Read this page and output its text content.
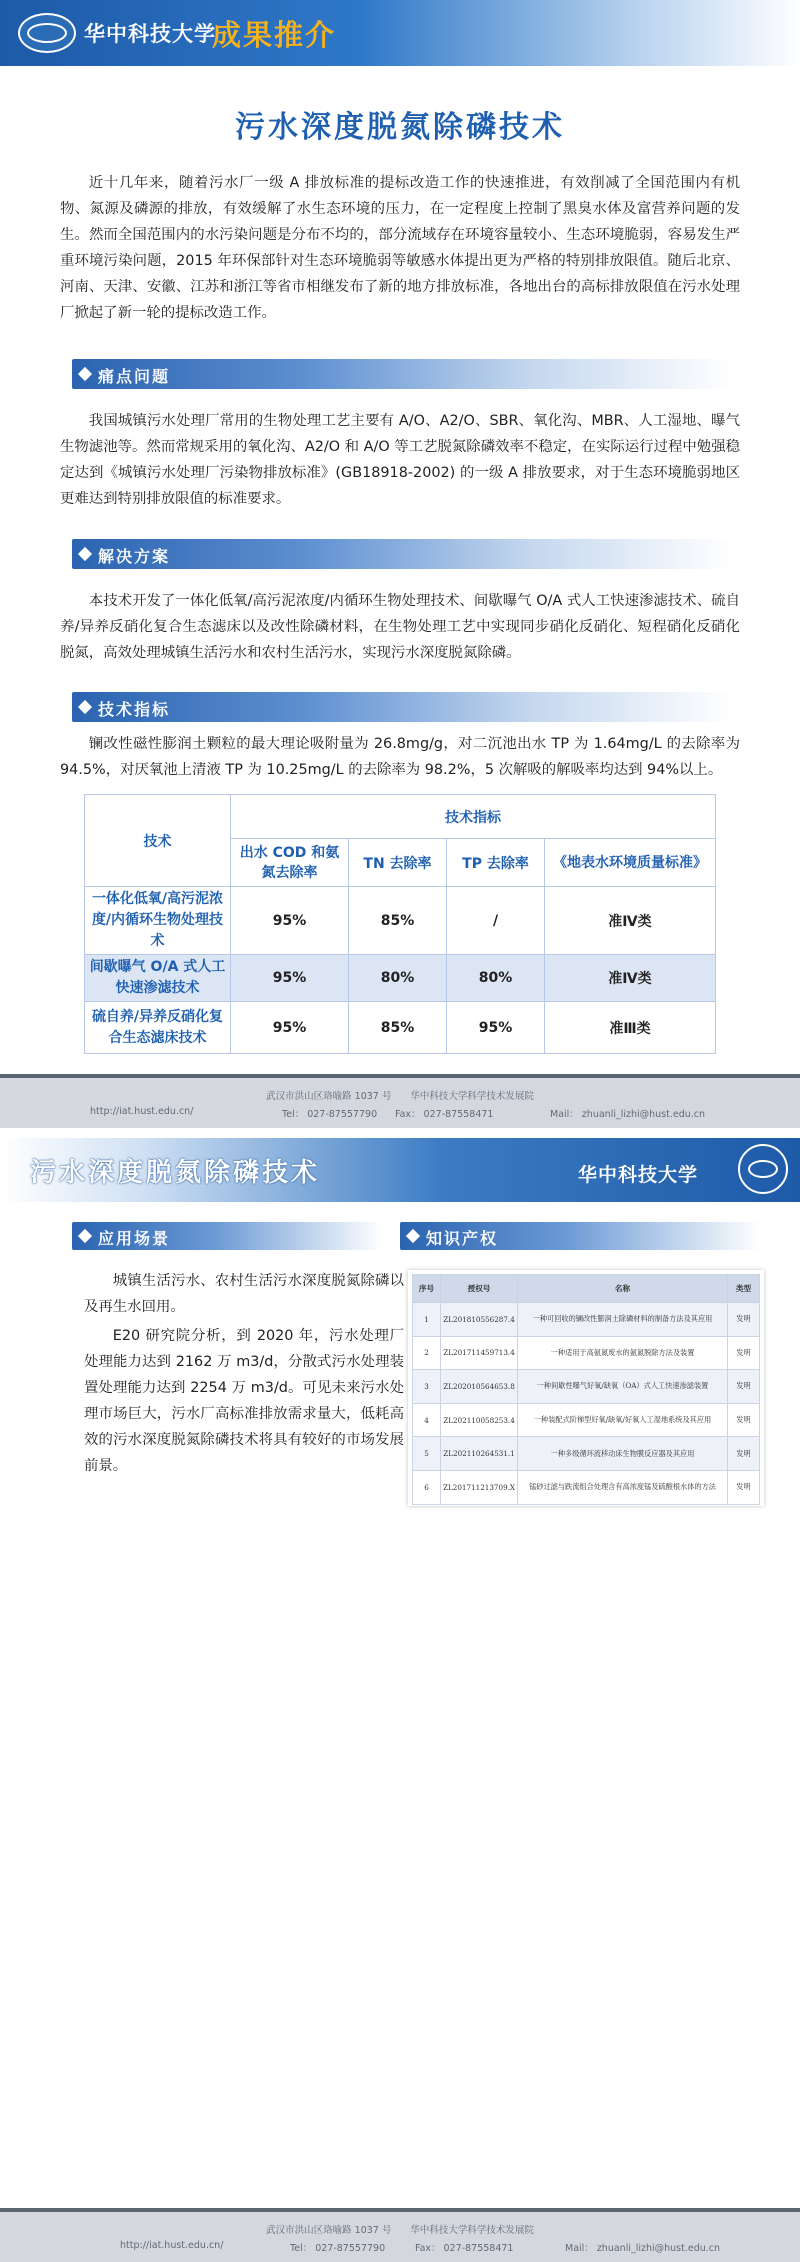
华中科技大学
成果推介
污水深度脱氮除磷技术

近十几年来，随着污水厂一级 A 排放标准的提标改造工作的快速推进，有效削减了全国范围内有机物、氮源及磷源的排放，有效缓解了水生态环境的压力，在一定程度上控制了黑臭水体及富营养问题的发生。然而全国范围内的水污染问题是分布不均的，部分流域存在环境容量较小、生态环境脆弱，容易发生严重环境污染问题，2015 年环保部针对生态环境脆弱等敏感水体提出更为严格的特别排放限值。随后北京、河南、天津、安徽、江苏和浙江等省市相继发布了新的地方排放标准，各地出台的高标排放限值在污水处理厂掀起了新一轮的提标改造工作。

痛点问题

我国城镇污水处理厂常用的生物处理工艺主要有 A/O、A2/O、SBR、氧化沟、MBR、人工湿地、曝气生物滤池等。然而常规采用的氧化沟、A2/O 和 A/O 等工艺脱氮除磷效率不稳定，在实际运行过程中勉强稳定达到《城镇污水处理厂污染物排放标准》(GB18918-2002) 的一级 A 排放要求，对于生态环境脆弱地区更难达到特别排放限值的标准要求。

解决方案

本技术开发了一体化低氧/高污泥浓度/内循环生物处理技术、间歇曝气 O/A 式人工快速渗滤技术、硫自养/异养反硝化复合生态滤床以及改性除磷材料，在生物处理工艺中实现同步硝化反硝化、短程硝化反硝化脱氮，高效处理城镇生活污水和农村生活污水，实现污水深度脱氮除磷。

技术指标

镧改性磁性膨润土颗粒的最大理论吸附量为 26.8mg/g，对二沉池出水 TP 为 1.64mg/L 的去除率为 94.5%，对厌氧池上清液 TP 为 10.25mg/L 的去除率为 98.2%，5 次解吸的解吸率均达到 94%以上。

技术	技术指标			
	出水 COD 和氨氮去除率	TN 去除率	TP 去除率	《地表水环境质量标准》
一体化低氧/高污泥浓度/内循环生物处理技术	95%	85%	/	准Ⅳ类
间歇曝气 O/A 式人工快速渗滤技术	95%	80%	80%	准Ⅳ类
硫自养/异养反硝化复合生态滤床技术	95%	85%	95%	准Ⅲ类
武汉市洪山区珞喻路 1037 号　　华中科技大学科学技术发展院
http://iat.hust.edu.cn/	Tel： 027-87557790 Fax： 027-87558471	Mail： zhuanli_lizhi@hust.edu.cn
污水深度脱氮除磷技术	华中科技大学
应用场景	知识产权

城镇生活污水、农村生活污水深度脱氮除磷以及再生水回用。

E20 研究院分析，到 2020 年，污水处理厂处理能力达到 2162 万 m3/d，分散式污水处理装置处理能力达到 2254 万 m3/d。可见未来污水处理市场巨大，污水厂高标准排放需求量大，低耗高效的污水深度脱氮除磷技术将具有较好的市场发展前景。

序号	授权号	名称	类型
1	ZL201810556287.4	一种可回收的镧改性膨润土除磷材料的制备方法及其应用	发明
2	ZL201711459713.4	一种适用于高氨氮废水的氨氮脱除方法及装置	发明
3	ZL202010564653.8	一种间歇性曝气好氧/缺氧（OA）式人工快速渗滤装置	发明
4	ZL202110058253.4	一种装配式阶梯型好氧/缺氧/好氧人工湿地系统及其应用	发明
5	ZL202110264531.1	一种多级循环流移动床生物膜反应器及其应用	发明
6	ZL201711213709.X	锰砂过滤与跌流组合处理含有高浓度锰及硫酸根水体的方法	发明
武汉市洪山区珞喻路 1037 号　　华中科技大学科学技术发展院
http://iat.hust.edu.cn/	Tel： 027-87557790	Fax： 027-87558471	Mail： zhuanli_lizhi@hust.edu.cn
